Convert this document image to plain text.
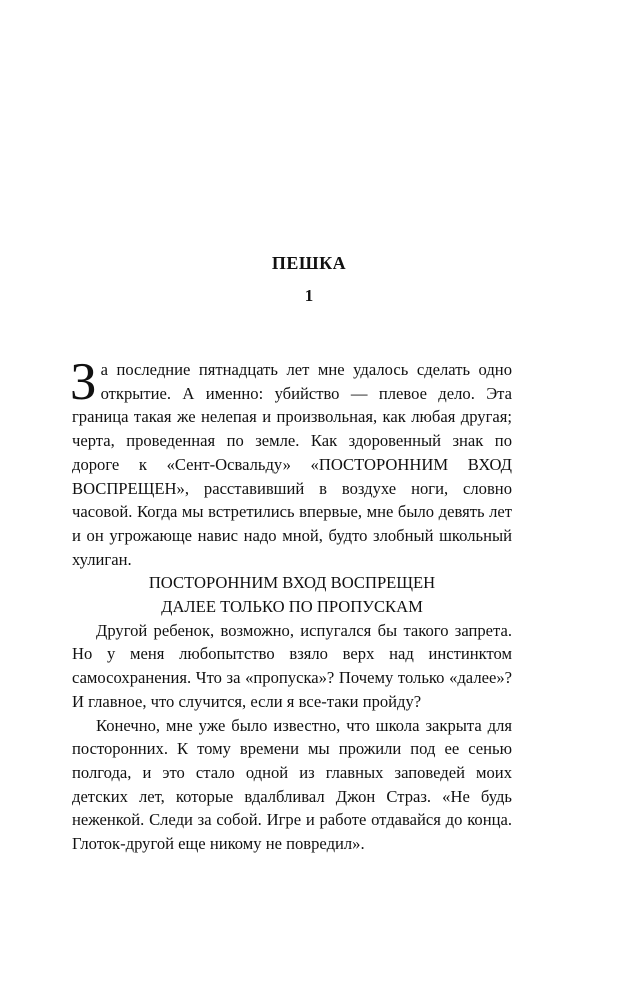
ПЕШКА
1

За последние пятнадцать лет мне удалось сделать одно открытие. А именно: убийство — плевое дело. Эта граница такая же нелепая и произвольная, как любая другая; черта, проведенная по земле. Как здоровенный знак по дороге к «Сент-Освальду» «ПОСТОРОННИМ ВХОД ВОСПРЕЩЕН», расставивший в воздухе ноги, словно часовой. Когда мы встретились впервые, мне было девять лет и он угрожающе навис надо мной, будто злобный школьный хулиган.

ПОСТОРОННИМ ВХОД ВОСПРЕЩЕН

ДАЛЕЕ ТОЛЬКО ПО ПРОПУСКАМ

Другой ребенок, возможно, испугался бы такого запрета. Но у меня любопытство взяло верх над инстинктом самосохранения. Что за «пропуска»? Почему только «далее»? И главное, что случится, если я все-таки пройду?

Конечно, мне уже было известно, что школа закрыта для посторонних. К тому времени мы прожили под ее сенью полгода, и это стало одной из главных заповедей моих детских лет, которые вдалбливал Джон Страз. «Не будь неженкой. Следи за собой. Игре и работе отдавайся до конца. Глоток-другой еще никому не повредил».
